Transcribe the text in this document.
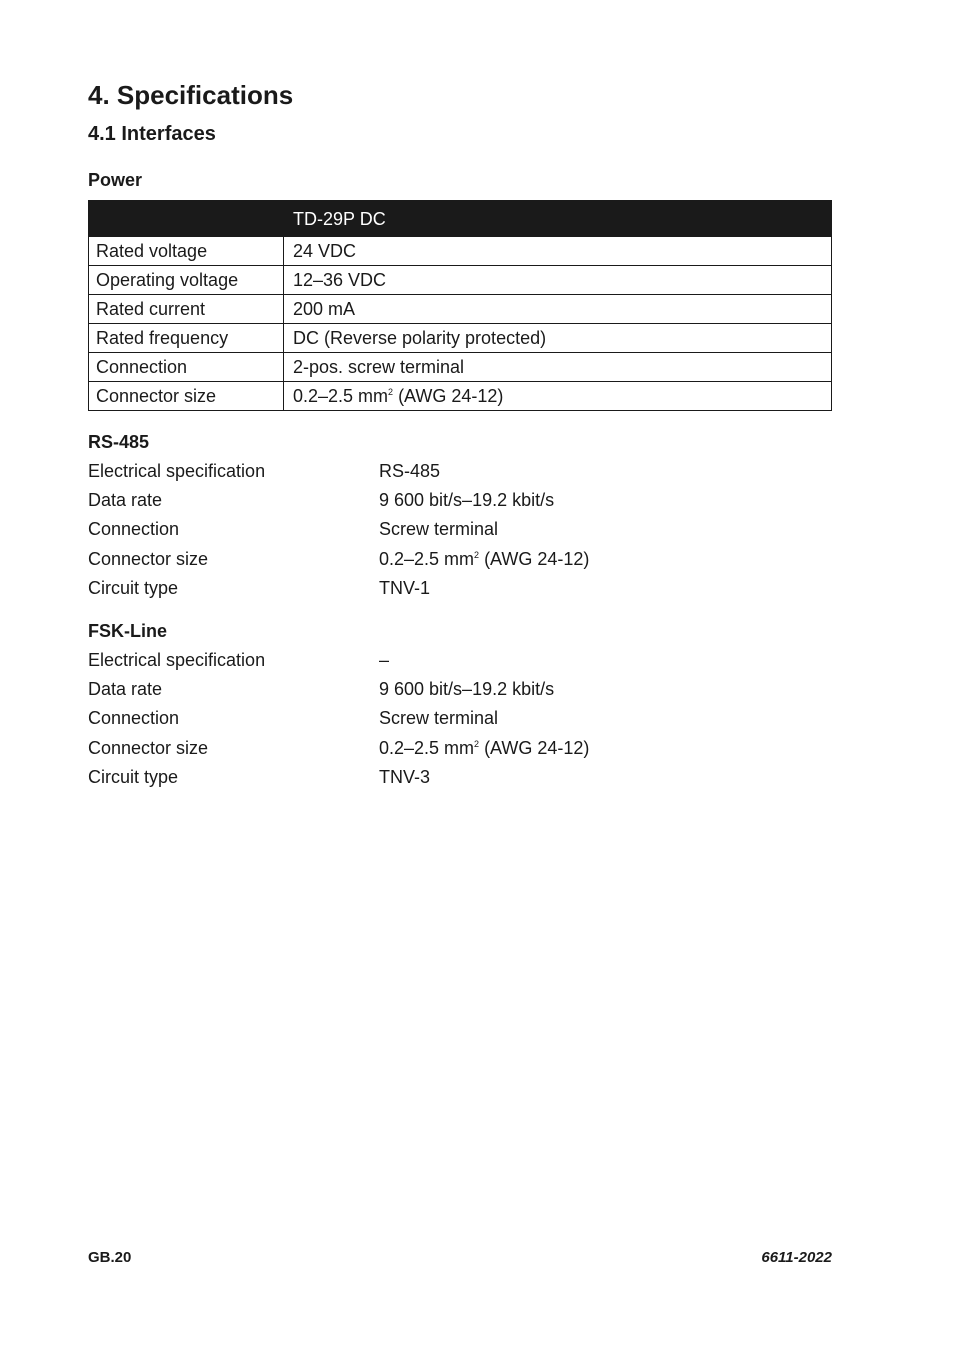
4. Specifications
4.1 Interfaces
Power
	TD-29P DC
Rated voltage	24 VDC
Operating voltage	12–36 VDC
Rated current	200 mA
Rated frequency	DC (Reverse polarity protected)
Connection	2-pos. screw terminal
Connector size	0.2–2.5 $mm^2$ (AWG 24-12)
RS-485
Electrical specification	RS-485
Data rate	9 600 bit/s–19.2 kbit/s
Connection	Screw terminal
Connector size	0.2–2.5 $mm^2$ (AWG 24-12)
Circuit type	TNV-1
FSK-Line
Electrical specification	–
Data rate	9 600 bit/s–19.2 kbit/s
Connection	Screw terminal
Connector size	0.2–2.5 $mm^2$ (AWG 24-12)
Circuit type	TNV-3
GB.20	6611-2022
